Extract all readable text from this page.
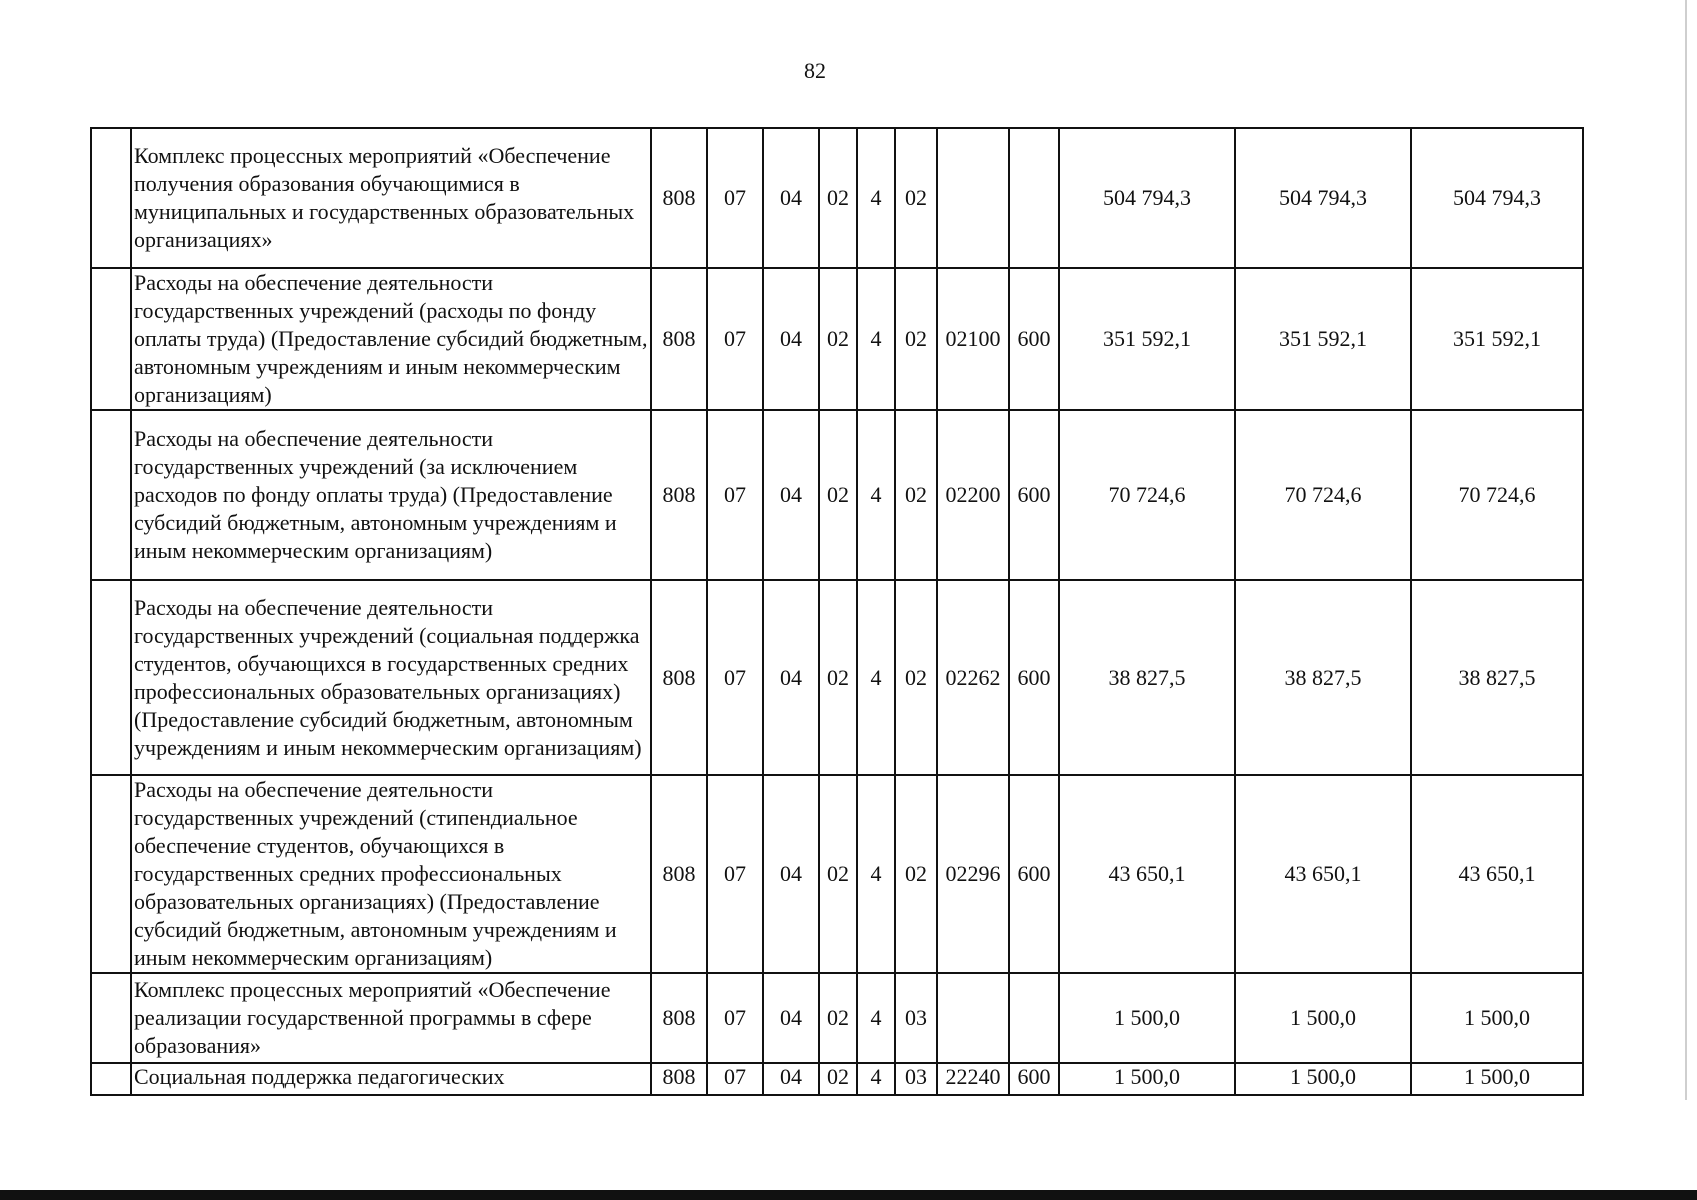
82
	Комплекс процессных мероприятий «Обеспечение получения образования обучающимися в муниципальных и государственных образовательных организациях»	808	07	04	02	4	02			504 794,3	504 794,3	504 794,3
	Расходы на обеспечение деятельности государственных учреждений (расходы по фонду оплаты труда) (Предоставление субсидий бюджетным, автономным учреждениям и иным некоммерческим организациям)	808	07	04	02	4	02	02100	600	351 592,1	351 592,1	351 592,1
	Расходы на обеспечение деятельности государственных учреждений (за исключением расходов по фонду оплаты труда) (Предоставление субсидий бюджетным, автономным учреждениям и иным некоммерческим организациям)	808	07	04	02	4	02	02200	600	70 724,6	70 724,6	70 724,6
	Расходы на обеспечение деятельности государственных учреждений (социальная поддержка студентов, обучающихся в государственных средних профессиональных образовательных организациях) (Предоставление субсидий бюджетным, автономным учреждениям и иным некоммерческим организациям)	808	07	04	02	4	02	02262	600	38 827,5	38 827,5	38 827,5
	Расходы на обеспечение деятельности государственных учреждений (стипендиальное обеспечение студентов, обучающихся в государственных средних профессиональных образовательных организациях) (Предоставление субсидий бюджетным, автономным учреждениям и иным некоммерческим организациям)	808	07	04	02	4	02	02296	600	43 650,1	43 650,1	43 650,1
	Комплекс процессных мероприятий «Обеспечение реализации государственной программы в сфере образования»	808	07	04	02	4	03			1 500,0	1 500,0	1 500,0
	Социальная поддержка педагогических	808	07	04	02	4	03	22240	600	1 500,0	1 500,0	1 500,0
